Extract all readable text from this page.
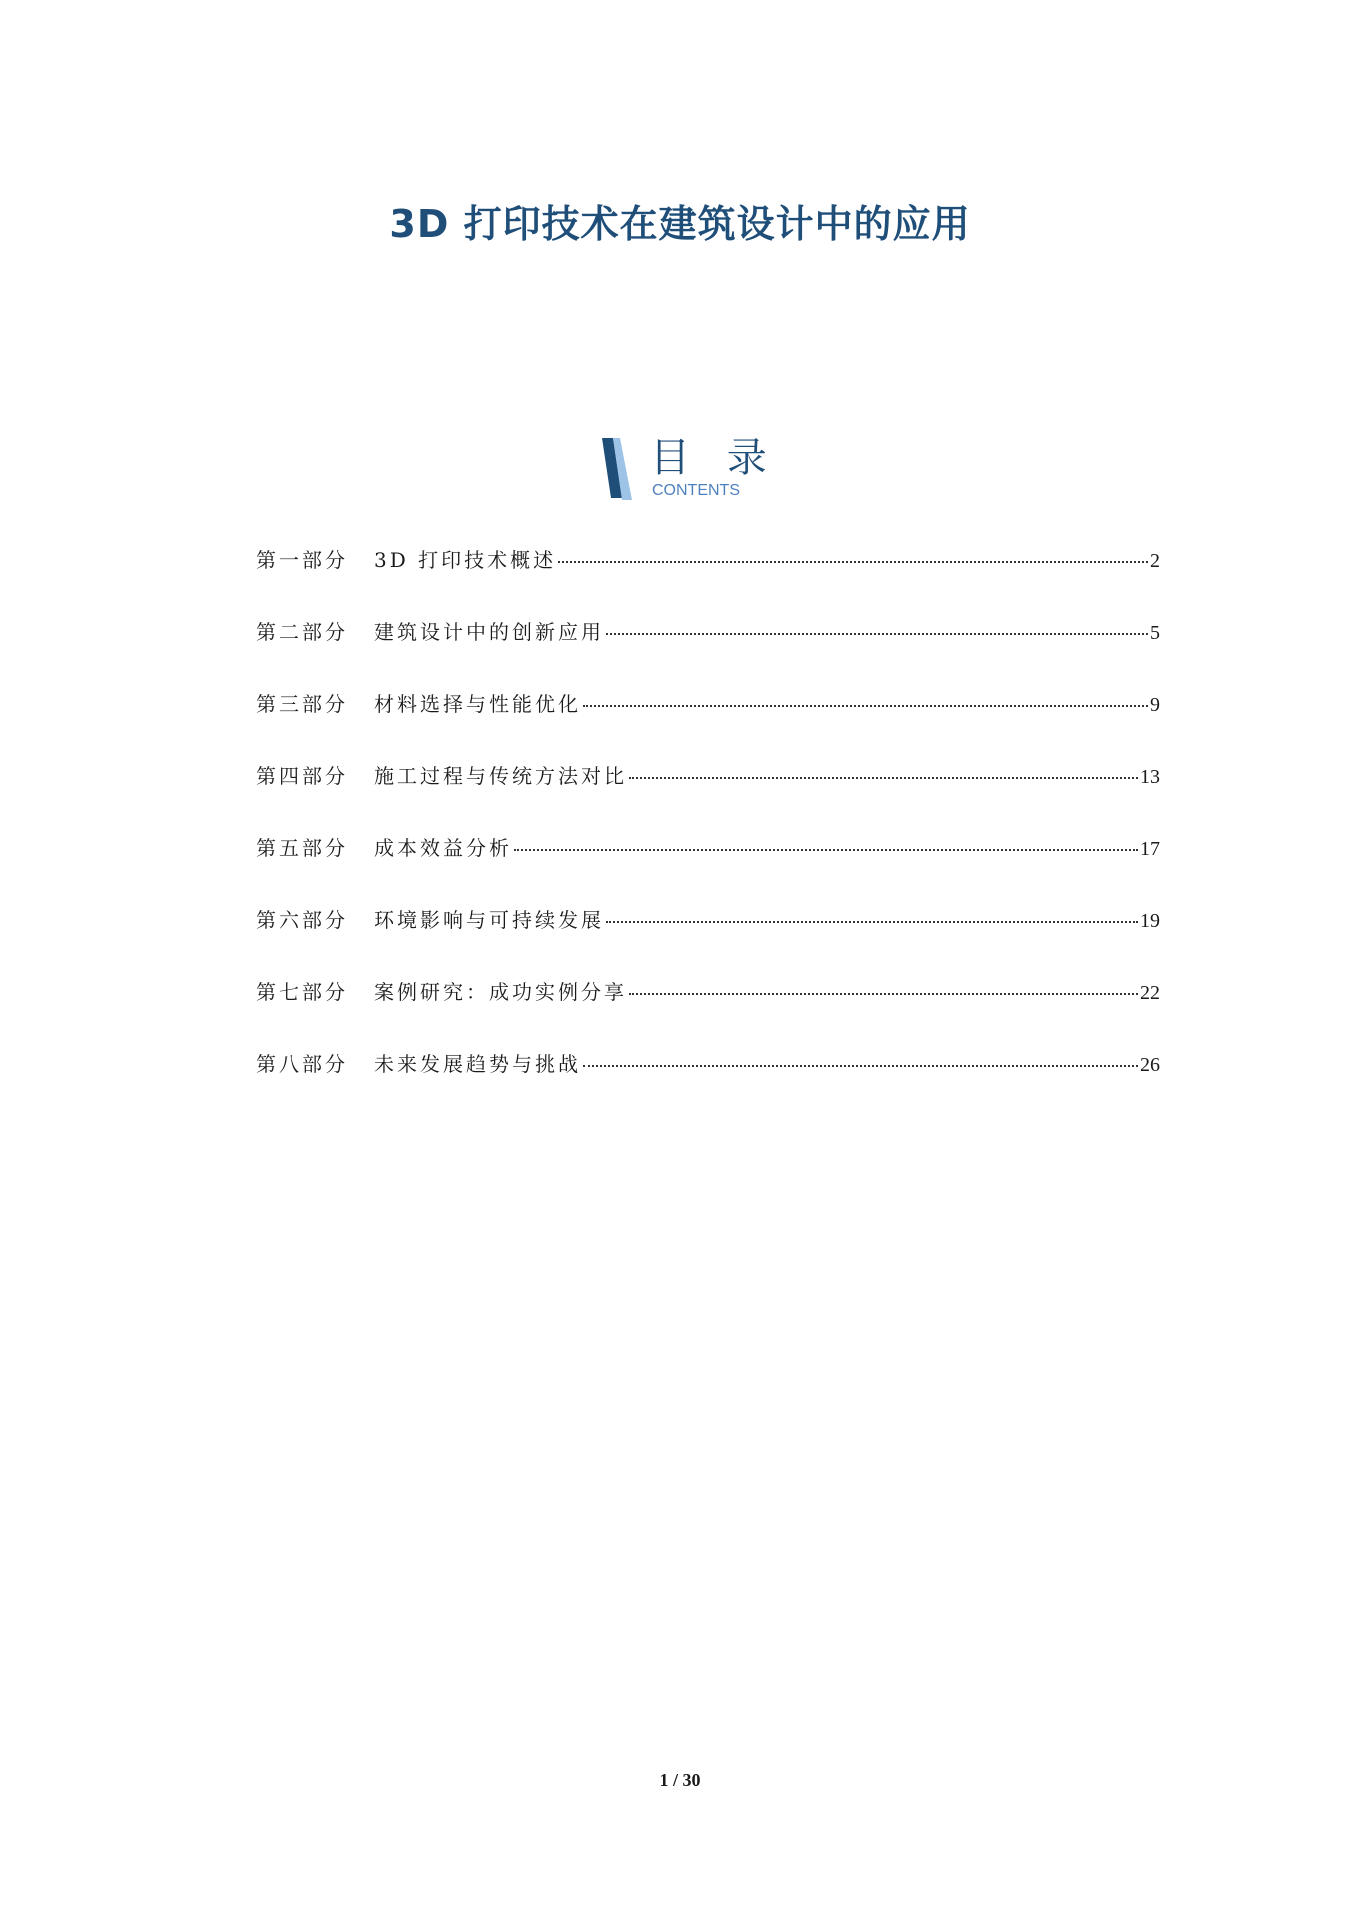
3D 打印技术在建筑设计中的应用
目 录
CONTENTS
第一部分	3D 打印技术概述	2
第二部分	建筑设计中的创新应用	5
第三部分	材料选择与性能优化	9
第四部分	施工过程与传统方法对比	13
第五部分	成本效益分析	17
第六部分	环境影响与可持续发展	19
第七部分	案例研究：成功实例分享	22
第八部分	未来发展趋势与挑战	26
1 / 30
